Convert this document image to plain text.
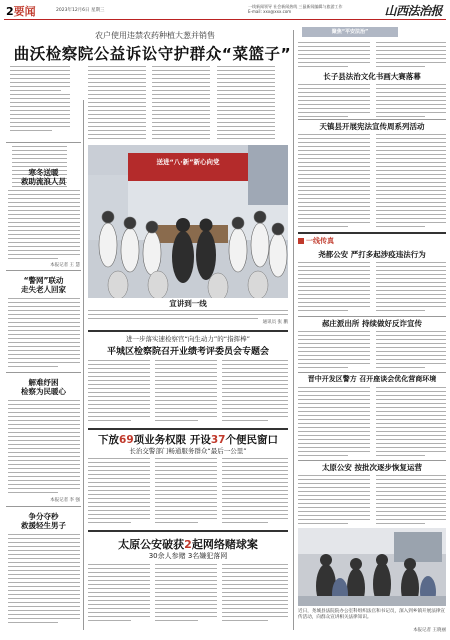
2要闻	2023年12月6日 星期三
一线新闻领导 社会新闻热线 三鼠新闻编辑与旅游工作
E-mail: xxx@xxx.com	山西法治报
农户使用违禁农药种植大葱并销售
曲沃检察院公益诉讼守护群众“菜篮子”
寒冬送暖
救助流浪人员
本报记者 王 慧
“警网”联动
走失老人回家
解难纾困
检察为民暖心
本报记者 李 强
争分夺秒
救援轻生男子
送进“八·新”新心向党
宣讲到一线
通讯员 张 鹏
进一步落实速检察官“向生动力”的“指挥棒”
平城区检察院召开业绩考评委员会专题会
下放69项业务权限 开设37个便民窗口
长治交警部门畅通服务群众“最后一公里”
太原公安破获2起网络赌球案
30余人参赌 3名嫌犯落网
聚焦“平安法治”
长子县法治文化书画大赛落幕
天镇县开展宪法宣传周系列活动
一线传真
尧都公安 严打多起涉疫违法行为
郝庄派出所 持续做好反诈宣传
晋中开发区警方 召开座谈会优化营商环境
太原公安 按批次逐步恢复运营
近日，尧城县法院院办公室科组织法官和书记员，深入到乡镇开展法律宣传活动，向群众宣讲相关法律知识。
本报记者 王晓丽
